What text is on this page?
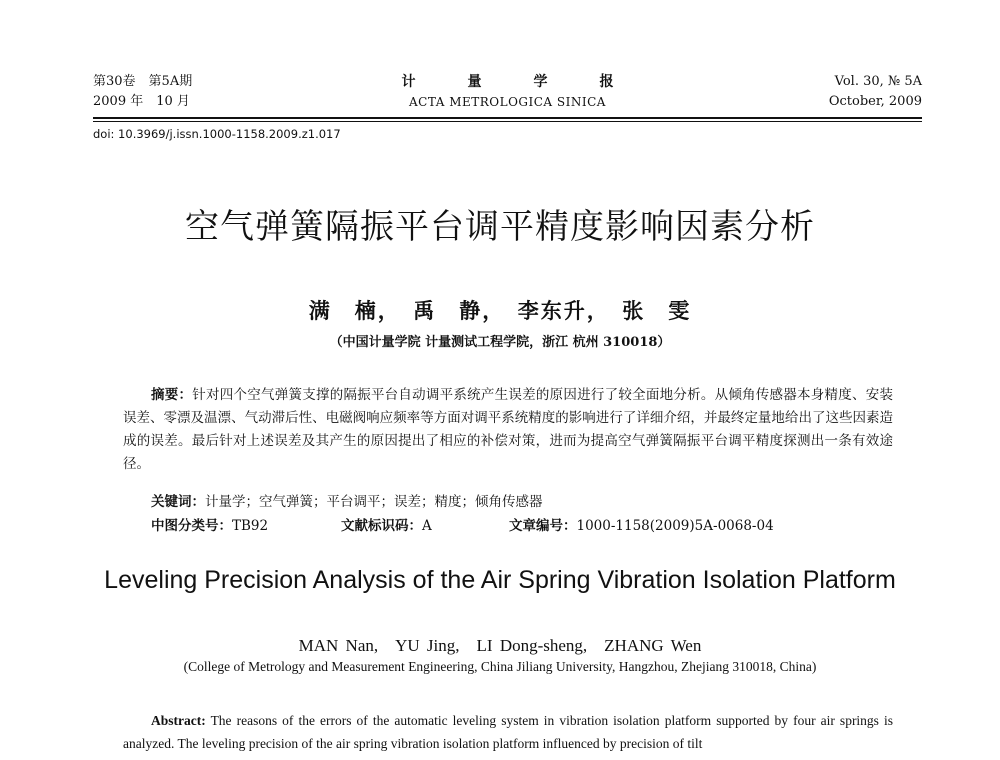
第30卷　第5A期
2009 年　10 月
计量学报
ACTA METROLOGICA SINICA
Vol. 30, № 5A
October, 2009
doi: 10.3969/j.issn.1000-1158.2009.z1.017
空气弹簧隔振平台调平精度影响因素分析
满　楠，　禹　静，　李东升，　张　雯
（中国计量学院 计量测试工程学院，浙江 杭州 310018）
摘要：针对四个空气弹簧支撑的隔振平台自动调平系统产生误差的原因进行了较全面地分析。从倾角传感器本身精度、安装误差、零漂及温漂、气动滞后性、电磁阀响应频率等方面对调平系统精度的影响进行了详细介绍，并最终定量地给出了这些因素造成的误差。最后针对上述误差及其产生的原因提出了相应的补偿对策，进而为提高空气弹簧隔振平台调平精度探测出一条有效途径。
关键词：计量学；空气弹簧；平台调平；误差；精度；倾角传感器
中图分类号：TB92	文献标识码：A	文章编号：1000-1158(2009)5A-0068-04
Leveling Precision Analysis of the Air Spring Vibration Isolation Platform
MAN Nan,　YU Jing,　LI Dong-sheng,　ZHANG Wen
(College of Metrology and Measurement Engineering, China Jiliang University, Hangzhou, Zhejiang 310018, China)
Abstract: The reasons of the errors of the automatic leveling system in vibration isolation platform supported by four air springs is analyzed. The leveling precision of the air spring vibration isolation platform influenced by precision of tilt
